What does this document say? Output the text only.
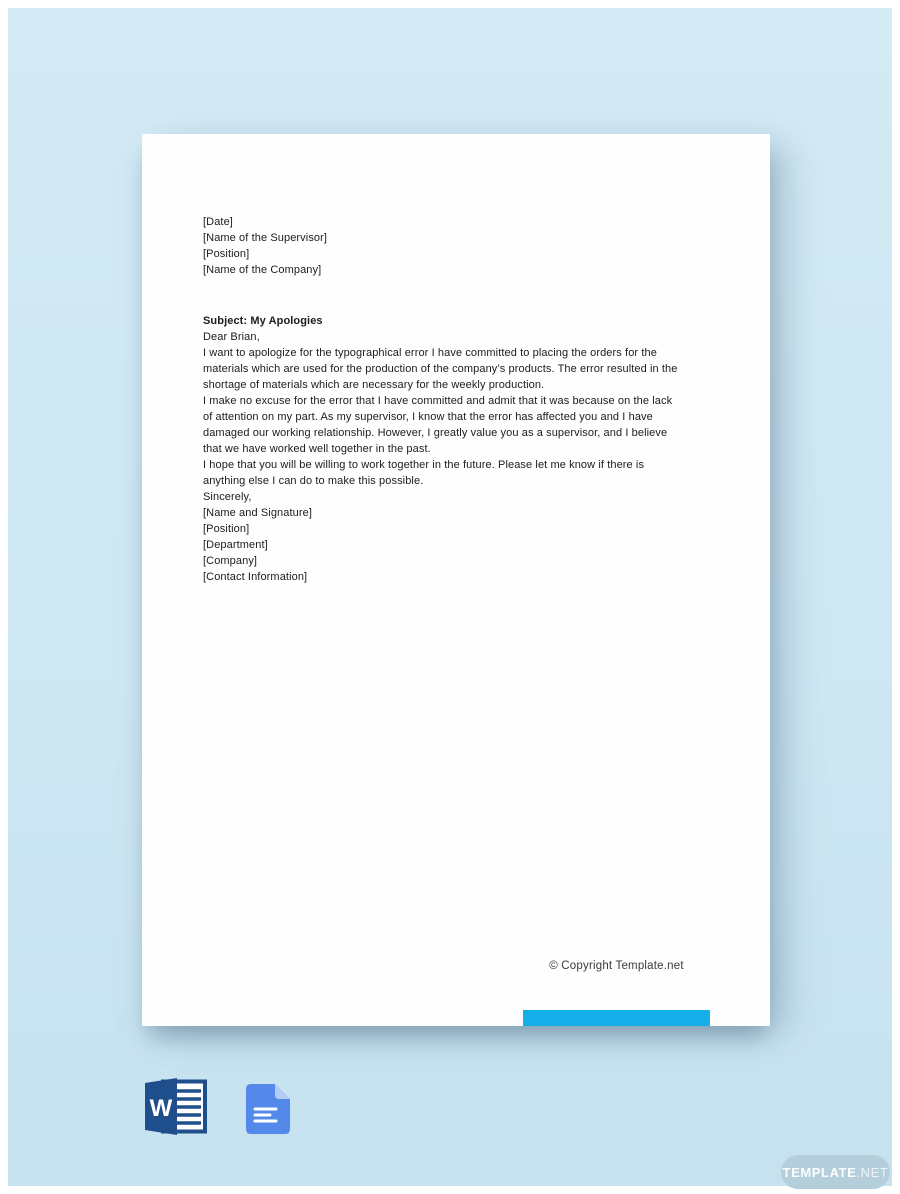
[Date]

[Name of the Supervisor]
[Position]
[Name of the Company]

Subject: My Apologies

Dear Brian,

I want to apologize for the typographical error I have committed to placing the orders for the materials which are used for the production of the company’s products. The error resulted in the shortage of materials which are necessary for the weekly production.

I make no excuse for the error that I have committed and admit that it was because on the lack of attention on my part. As my supervisor, I know that the error has affected you and I have damaged our working relationship. However, I greatly value you as a supervisor, and I believe that we have worked well together in the past.

I hope that you will be willing to work together in the future. Please let me know if there is anything else I can do to make this possible.

Sincerely,

[Name and Signature]
[Position]
[Department]
[Company]
[Contact Information]
© Copyright Template.net
W
TEMPLATE .NET
